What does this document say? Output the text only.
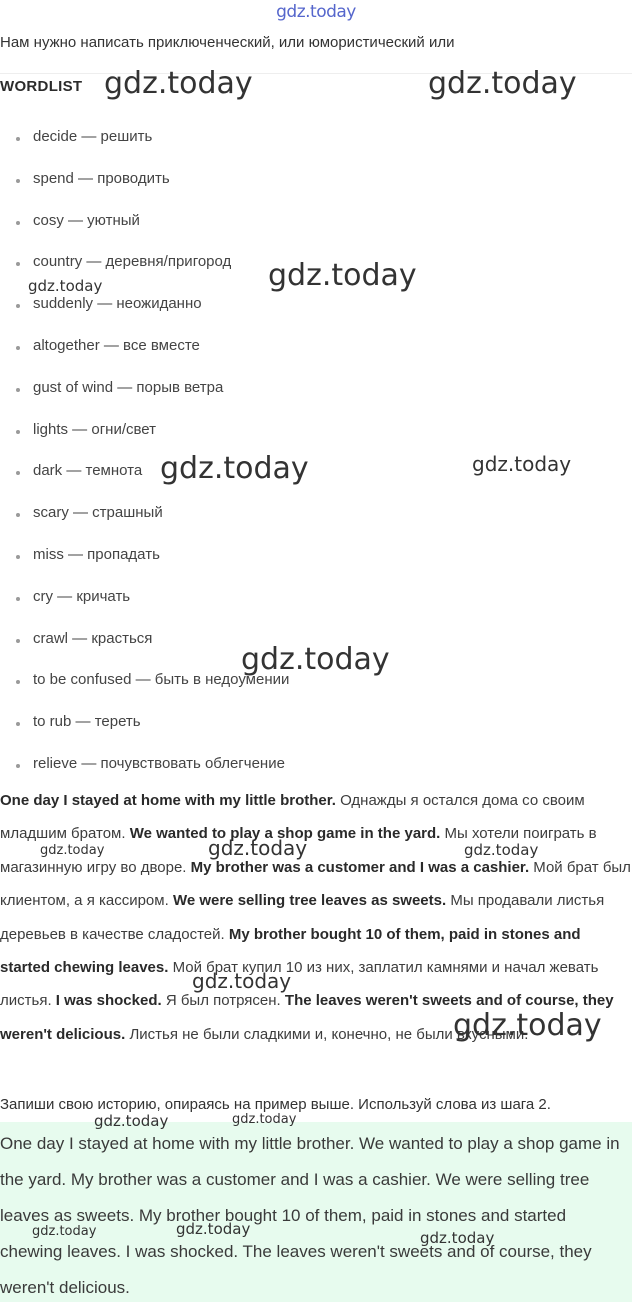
gdz.today
Нам нужно написать приключенческий, или юмористический или
WORDLIST
decide — решить
spend — проводить
cosy — уютный
country — деревня/пригород
suddenly — неожиданно
altogether — все вместе
gust of wind — порыв ветра
lights — огни/свет
dark — темнота
scary — страшный
miss — пропадать
cry — кричать
crawl — красться
to be confused — быть в недоумении
to rub — тереть
relieve — почувствовать облегчение
One day I stayed at home with my little brother. Однажды я остался дома со своим младшим братом. We wanted to play a shop game in the yard. Мы хотели поиграть в магазинную игру во дворе. My brother was a customer and I was a cashier. Мой брат был клиентом, а я кассиром. We were selling tree leaves as sweets. Мы продавали листья деревьев в качестве сладостей. My brother bought 10 of them, paid in stones and started chewing leaves. Мой брат купил 10 из них, заплатил камнями и начал жевать листья. I was shocked. Я был потрясен. The leaves weren't sweets and of course, they weren't delicious. Листья не были сладкими и, конечно, не были вкусными.
Запиши свою историю, опираясь на пример выше. Используй слова из шага 2.
One day I stayed at home with my little brother. We wanted to play a shop game in the yard. My brother was a customer and I was a cashier. We were selling tree leaves as sweets. My brother bought 10 of them, paid in stones and started chewing leaves. I was shocked. The leaves weren't sweets and of course, they weren't delicious.
gdz.today	gdz.today
gdz.today
gdz.today
gdz.today	gdz.today
gdz.today
gdz.today
gdz.today	gdz.today
gdz.today
gdz.today
gdz.today	gdz.today
gdz.today
gdz.today	gdz.today
